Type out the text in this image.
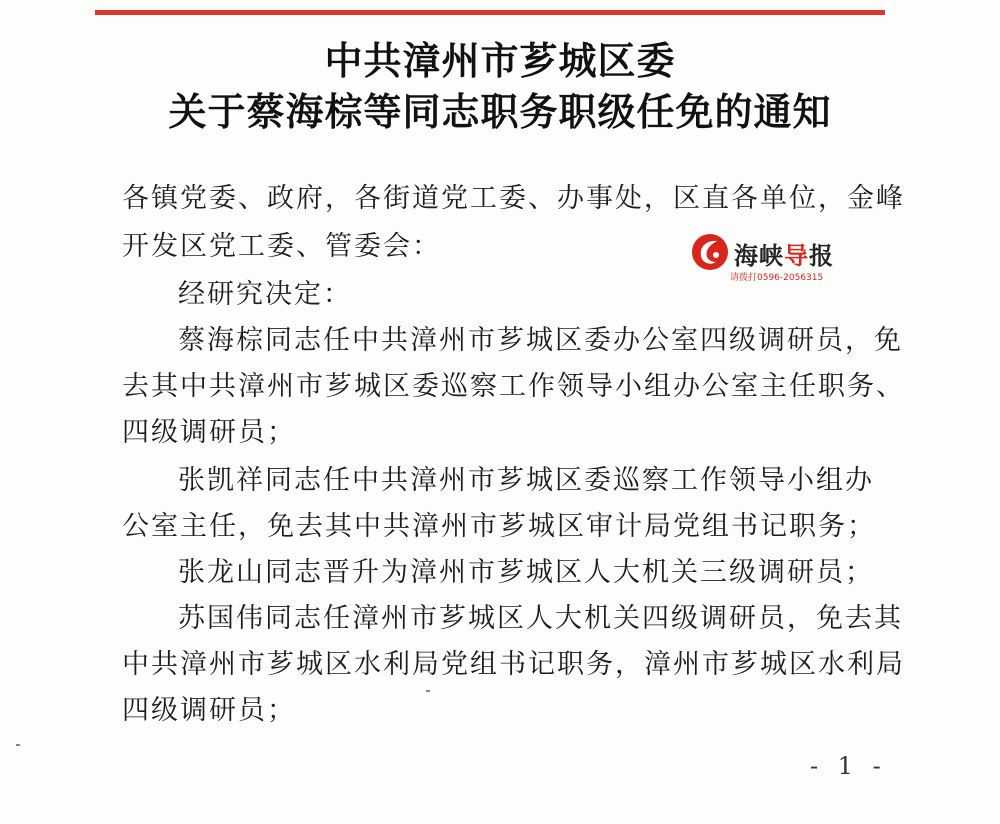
中共漳州市芗城区委
关于蔡海棕等同志职务职级任免的通知
各镇党委、政府，各街道党工委、办事处，区直各单位，金峰
开发区党工委、管委会：
经研究决定：
蔡海棕同志任中共漳州市芗城区委办公室四级调研员，免
去其中共漳州市芗城区委巡察工作领导小组办公室主任职务、
四级调研员；
张凯祥同志任中共漳州市芗城区委巡察工作领导小组办
公室主任，免去其中共漳州市芗城区审计局党组书记职务；
张龙山同志晋升为漳州市芗城区人大机关三级调研员；
苏国伟同志任漳州市芗城区人大机关四级调研员，免去其
中共漳州市芗城区水利局党组书记职务，漳州市芗城区水利局
四级调研员；
海峡导报
请拨打0596-2056315
- 1 -
